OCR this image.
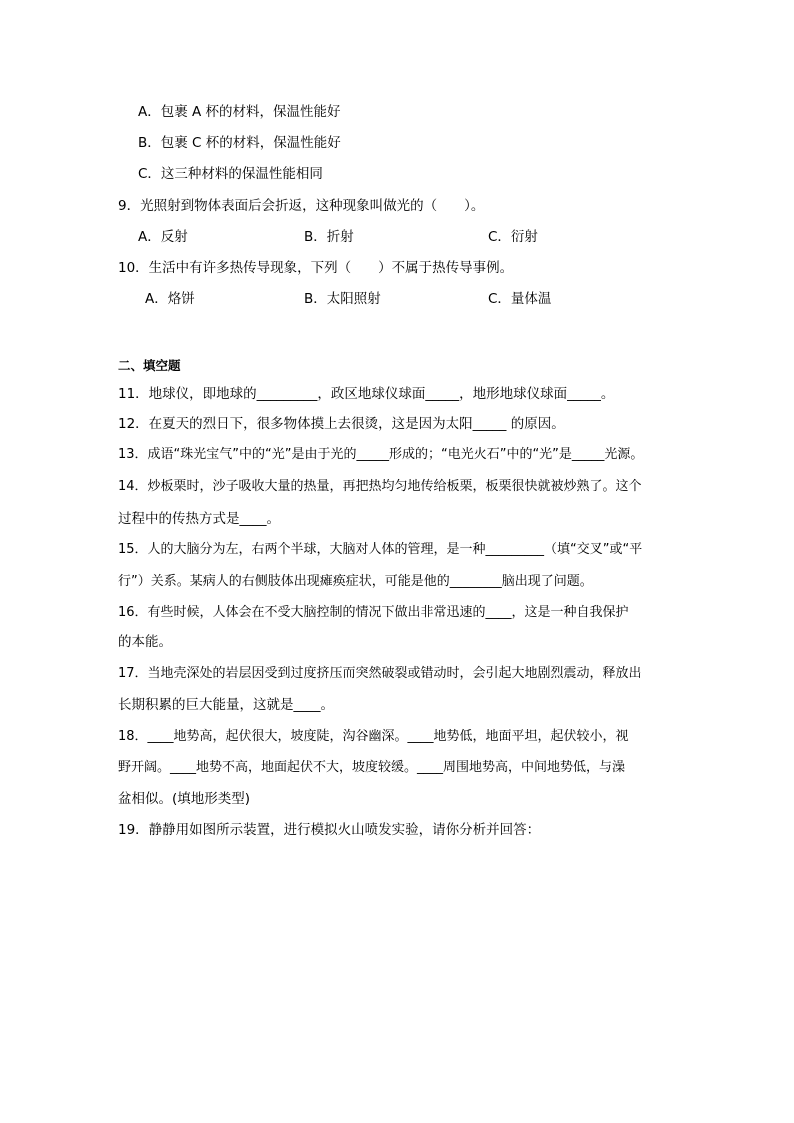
A．包裹 A 杯的材料，保温性能好
B．包裹 C 杯的材料，保温性能好
C．这三种材料的保温性能相同
9．光照射到物体表面后会折返，这种现象叫做光的（　　）。
A．反射	B．折射	C．衍射
10．生活中有许多热传导现象，下列（　　）不属于热传导事例。
A．烙饼	B．太阳照射	C．量体温
二、填空题
11．地球仪，即地球的_________，政区地球仪球面_____，地形地球仪球面_____。
12．在夏天的烈日下，很多物体摸上去很烫，这是因为太阳_____ 的原因。
13．成语“珠光宝气”中的“光”是由于光的_____形成的；“电光火石”中的“光”是_____光源。
14．炒板栗时，沙子吸收大量的热量，再把热均匀地传给板栗，板栗很快就被炒熟了。这个
过程中的传热方式是____。
15．人的大脑分为左，右两个半球，大脑对人体的管理，是一种_________（填“交叉”或“平
行”）关系。某病人的右侧肢体出现瘫痪症状，可能是他的________脑出现了问题。
16．有些时候，人体会在不受大脑控制的情况下做出非常迅速的____，这是一种自我保护
的本能。
17．当地壳深处的岩层因受到过度挤压而突然破裂或错动时，会引起大地剧烈震动，释放出
长期积累的巨大能量，这就是____。
18．____地势高，起伏很大，坡度陡，沟谷幽深。____地势低，地面平坦，起伏较小，视
野开阔。____地势不高，地面起伏不大，坡度较缓。____周围地势高，中间地势低，与澡
盆相似。(填地形类型)
19．静静用如图所示装置，进行模拟火山喷发实验，请你分析并回答：
